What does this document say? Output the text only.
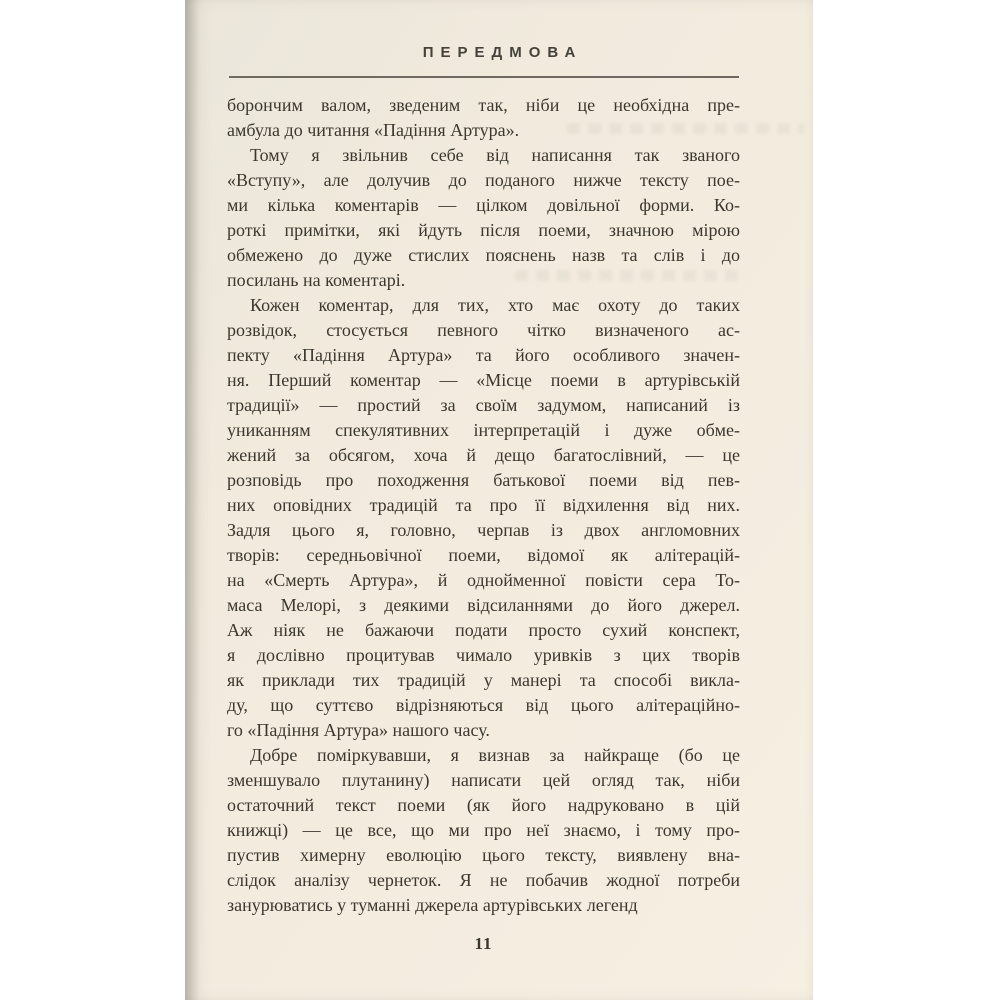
ПЕРЕДМОВА
борончим валом, зведеним так, ніби це необхідна пре-
амбула до читання «Падіння Артура».
Тому я звільнив себе від написання так званого
«Вступу», але долучив до поданого нижче тексту пое-
ми кілька коментарів — цілком довільної форми. Ко-
роткі примітки, які йдуть після поеми, значною мірою
обмежено до дуже стислих пояснень назв та слів і до
посилань на коментарі.
Кожен коментар, для тих, хто має охоту до таких
розвідок, стосується певного чітко визначеного ас-
пекту «Падіння Артура» та його особливого значен-
ня. Перший коментар — «Місце поеми в артурівській
традиції» — простий за своїм задумом, написаний із
униканням спекулятивних інтерпретацій і дуже обме-
жений за обсягом, хоча й дещо багатослівний, — це
розповідь про походження батькової поеми від пев-
них оповідних традицій та про її відхилення від них.
Задля цього я, головно, черпав із двох англомовних
творів: середньовічної поеми, відомої як алітерацій-
на «Смерть Артура», й однойменної повісти сера То-
маса Мелорі, з деякими відсиланнями до його джерел.
Аж ніяк не бажаючи подати просто сухий конспект,
я дослівно процитував чимало уривків з цих творів
як приклади тих традицій у манері та способі викла-
ду, що суттєво відрізняються від цього алітераційно-
го «Падіння Артура» нашого часу.
Добре поміркувавши, я визнав за найкраще (бо це
зменшувало плутанину) написати цей огляд так, ніби
остаточний текст поеми (як його надруковано в цій
книжці) — це все, що ми про неї знаємо, і тому про-
пустив химерну еволюцію цього тексту, виявлену вна-
слідок аналізу чернеток. Я не побачив жодної потреби
занурюватись у туманні джерела артурівських легенд
11
